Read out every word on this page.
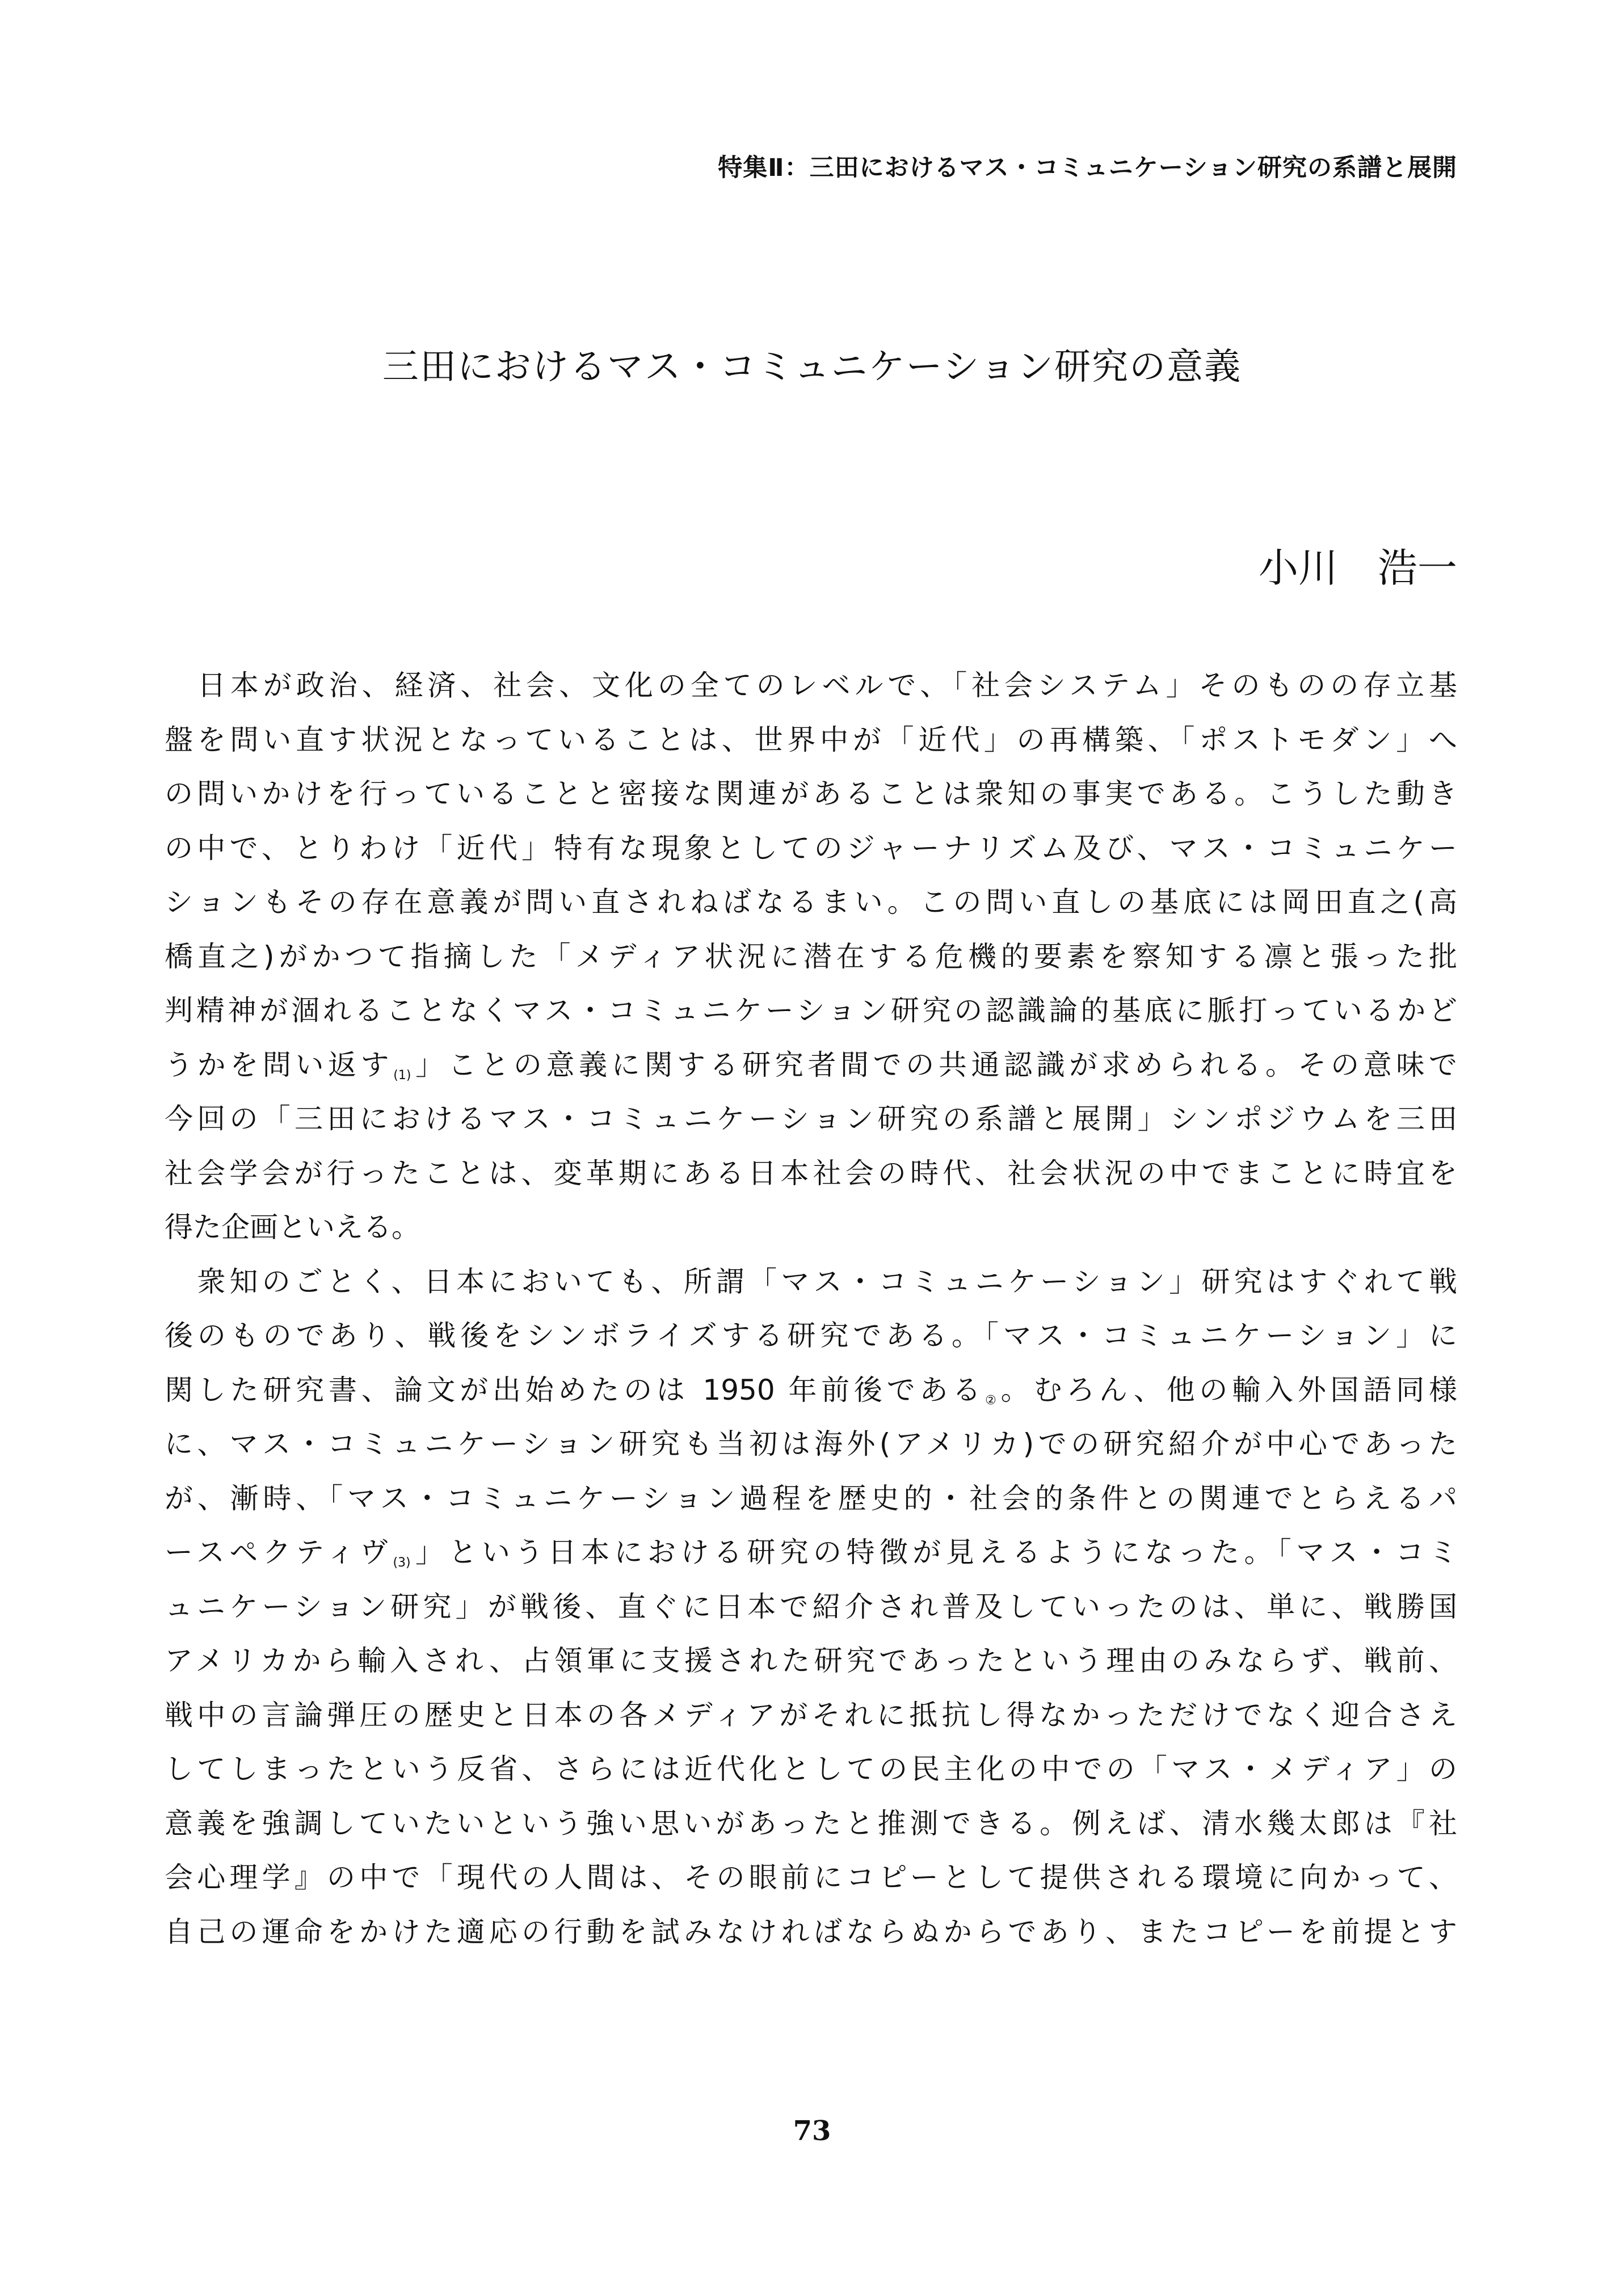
特集Ⅱ：三田におけるマス・コミュニケーション研究の系譜と展開
三田におけるマス・コミュニケーション研究の意義
小川　浩一
　日本が政治、経済、社会、文化の全てのレベルで、「社会システム」そのものの存立基
盤を問い直す状況となっていることは、世界中が「近代」の再構築、「ポストモダン」へ
の問いかけを行っていることと密接な関連があることは衆知の事実である。こうした動き
の中で、とりわけ「近代」特有な現象としてのジャーナリズム及び、マス・コミュニケー
ションもその存在意義が問い直されねばなるまい。この問い直しの基底には岡田直之(高
橋直之)がかつて指摘した「メディア状況に潜在する危機的要素を察知する凛と張った批
判精神が涸れることなくマス・コミュニケーション研究の認識論的基底に脈打っているかど
うかを問い返す(1)」ことの意義に関する研究者間での共通認識が求められる。その意味で
今回の「三田におけるマス・コミュニケーション研究の系譜と展開」シンポジウムを三田
社会学会が行ったことは、変革期にある日本社会の時代、社会状況の中でまことに時宜を
得た企画といえる。
　衆知のごとく、日本においても、所謂「マス・コミュニケーション」研究はすぐれて戦
後のものであり、戦後をシンボライズする研究である。「マス・コミュニケーション」に
関した研究書、論文が出始めたのは 1950 年前後である②。むろん、他の輸入外国語同様
に、マス・コミュニケーション研究も当初は海外(アメリカ)での研究紹介が中心であった
が、漸時、「マス・コミュニケーション過程を歴史的・社会的条件との関連でとらえるパ
ースペクティヴ(3)」という日本における研究の特徴が見えるようになった。「マス・コミ
ュニケーション研究」が戦後、直ぐに日本で紹介され普及していったのは、単に、戦勝国
アメリカから輸入され、占領軍に支援された研究であったという理由のみならず、戦前、
戦中の言論弾圧の歴史と日本の各メディアがそれに抵抗し得なかっただけでなく迎合さえ
してしまったという反省、さらには近代化としての民主化の中での「マス・メディア」の
意義を強調していたいという強い思いがあったと推測できる。例えば、清水幾太郎は『社
会心理学』の中で「現代の人間は、その眼前にコピーとして提供される環境に向かって、
自己の運命をかけた適応の行動を試みなければならぬからであり、またコピーを前提とす
73
